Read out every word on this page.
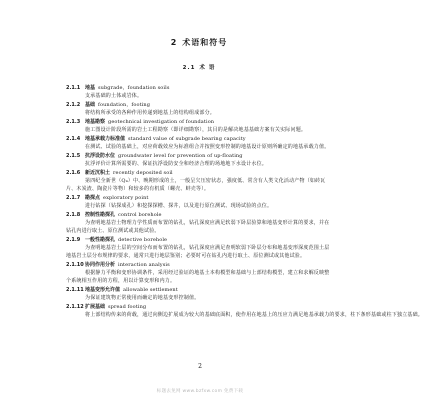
2 术语和符号
2.1 术 语
2.1.1 地基 subgrade，foundation soils
支承基础的土体或岩体。
2.1.2 基础 foundation，footing
将结构所承受的各种作用传递到地基上的结构组成部分。
2.1.3 地基勘察 geotechnical investigation of foundation
施工图设计阶段所需的岩土工程勘察（即详细勘察），其目的是解决地基基础方案有关实际问题。
2.1.4 地基承载力标准值 standard value of subgrade bearing capacity
在测试、试验的基础上，对应荷载效应为标准组合并按照变形控制的地基设计原则所确定的地基承载力值。
2.1.5 抗浮设防水位 groundwater level for prevention of up-floating
抗浮评价计算所需要的、保证抗浮设防安全和经济合理的场地地下水设计水位。
2.1.6 新近沉积土 recently deposited soil
第四纪全新世（Q₄）中、晚期形成的土，一般呈欠压密状态，强度低、常含有人类文化活动产物（如砖瓦片、木炭渣、陶瓷片等物）和较多的有机质（螺壳、蚌壳等）。
2.1.7 勘探点 exploratory point
进行钻探（钻探成孔）和挖探探槽、探井，以及进行原位测试、现场试验的点位。
2.1.8 控制性勘探孔 control borehole
为查明地基岩土物理力学性质而布置的钻孔，钻孔深度应满足软弱下卧层验算和地基变形计算的要求，并在钻孔内进行取土、原位测试或其他试验。
2.1.9 一般性勘探孔 detective borehole
为查明地基岩土层的空间分布而布置的钻孔，钻孔深度应满足查明软弱下卧层分布和地基变形深度范围土层地基岩土层分布规律的要求，通常只进行地层鉴别；必要时可在钻孔内进行取土、原位测试或其他试验。
2.1.10协同作用分析 interaction analysis
根据静力平衡和变形协调条件，采用经过验证的地基土本构模型和基础与上部结构模型，建立和求解反映整个系统相互作用的方程，用以计算变形和内力。
2.1.11地基变形允许值 allowable settlement
为保证建筑物正常使用而确定的地基变形控制值。
2.1.12扩展基础 spread footing
将上部结构传来的荷载，通过向侧边扩展成为较大的基础底面积，使作用在地基上的压应力满足地基承载力的要求，柱下条形基础或柱下独立基础。
2
标题去免网 www.bzfxw.com 免费下载
